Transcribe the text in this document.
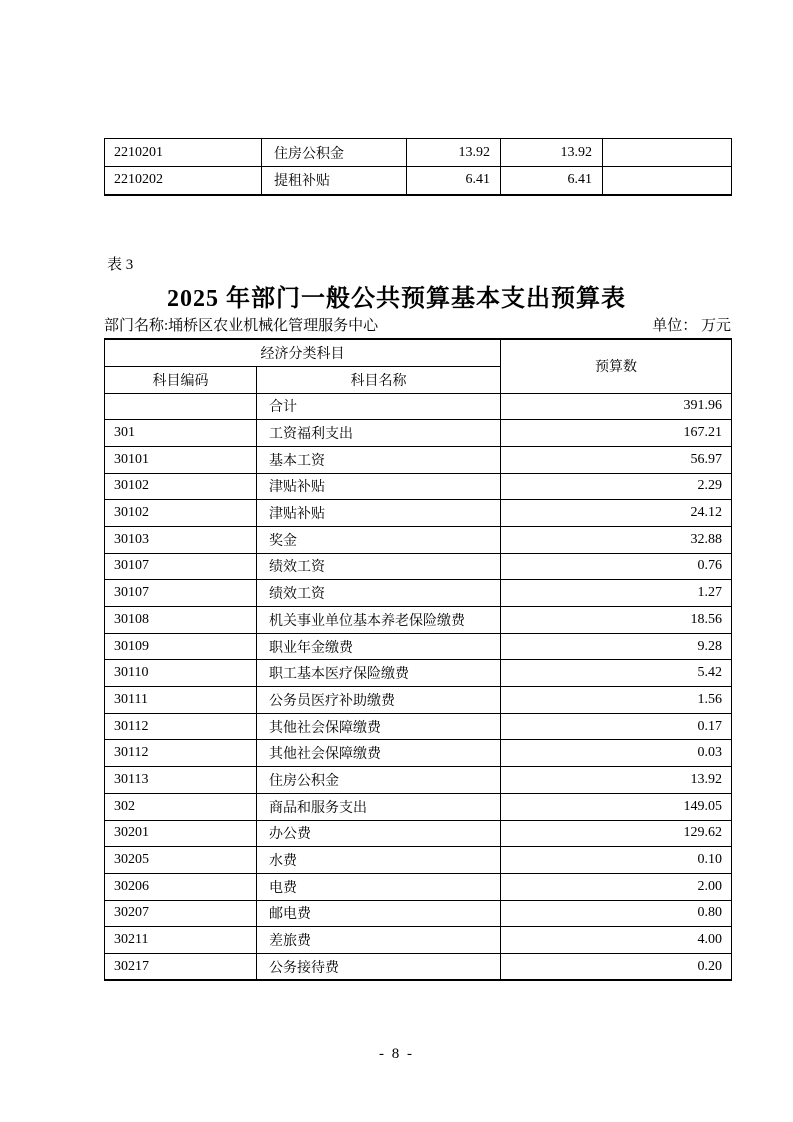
2210201	住房公积金	13.92	13.92	
2210202	提租补贴	6.41	6.41	
表 3
2025 年部门一般公共预算基本支出预算表
部门名称:埇桥区农业机械化管理服务中心	单位： 万元
经济分类科目		预算数
科目编码	科目名称	
	合计	391.96
301	工资福利支出	167.21
30101	基本工资	56.97
30102	津贴补贴	2.29
30102	津贴补贴	24.12
30103	奖金	32.88
30107	绩效工资	0.76
30107	绩效工资	1.27
30108	机关事业单位基本养老保险缴费	18.56
30109	职业年金缴费	9.28
30110	职工基本医疗保险缴费	5.42
30111	公务员医疗补助缴费	1.56
30112	其他社会保障缴费	0.17
30112	其他社会保障缴费	0.03
30113	住房公积金	13.92
302	商品和服务支出	149.05
30201	办公费	129.62
30205	水费	0.10
30206	电费	2.00
30207	邮电费	0.80
30211	差旅费	4.00
30217	公务接待费	0.20
- 8 -
